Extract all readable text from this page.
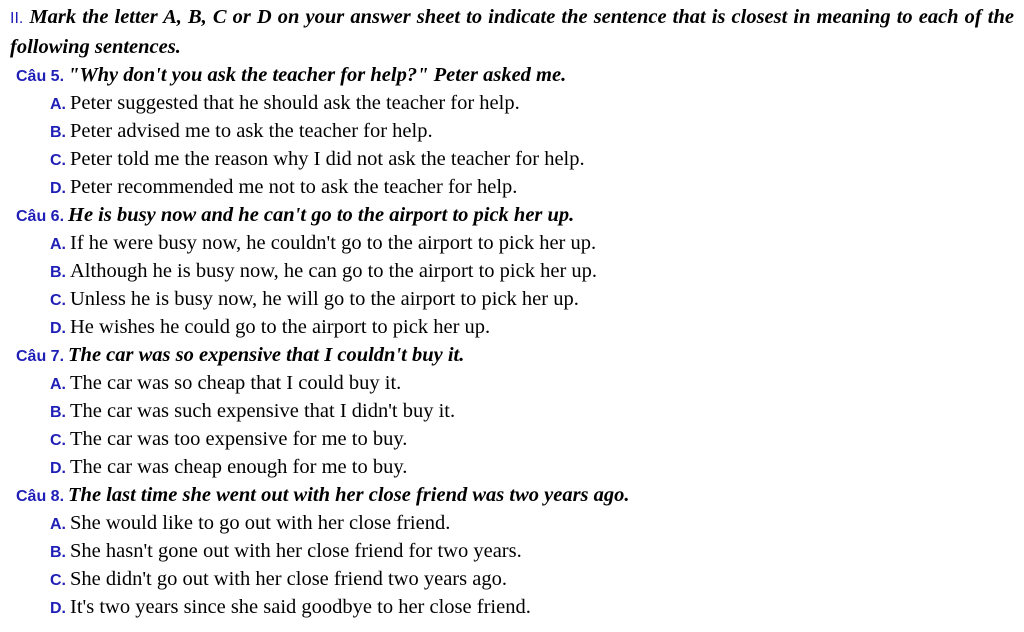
II. Mark the letter A, B, C or D on your answer sheet to indicate the sentence that is closest in meaning to each of the following sentences.
Câu 5. "Why don't you ask the teacher for help?" Peter asked me.
A. Peter suggested that he should ask the teacher for help.
B. Peter advised me to ask the teacher for help.
C. Peter told me the reason why I did not ask the teacher for help.
D. Peter recommended me not to ask the teacher for help.
Câu 6. He is busy now and he can't go to the airport to pick her up.
A. If he were busy now, he couldn't go to the airport to pick her up.
B. Although he is busy now, he can go to the airport to pick her up.
C. Unless he is busy now, he will go to the airport to pick her up.
D. He wishes he could go to the airport to pick her up.
Câu 7. The car was so expensive that I couldn't buy it.
A. The car was so cheap that I could buy it.
B. The car was such expensive that I didn't buy it.
C. The car was too expensive for me to buy.
D. The car was cheap enough for me to buy.
Câu 8. The last time she went out with her close friend was two years ago.
A. She would like to go out with her close friend.
B. She hasn't gone out with her close friend for two years.
C. She didn't go out with her close friend two years ago.
D. It's two years since she said goodbye to her close friend.
